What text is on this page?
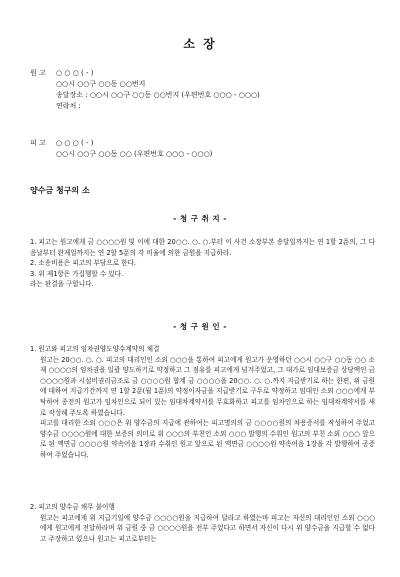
소 장
원 고	○ ○ ○ ( - )
○○시 ○○구 ○○동 ○○번지
송달장소 : ○○시 ○○구 ○○동 ○○번지 (우편번호 ○○○ - ○○○)
연락처 :
피 고	○ ○ ○ ( - )
○○시 ○○구 ○○동 ○○ (우편번호 ○○○ - ○○○)
양수금 청구의 소
- 청 구 취 지 -

1. 피고는 원고에게 금 ○○○○원 및 이에 대한 20○○. ○. ○.부터 이 사건 소장부본 송달일까지는 연 1할 2푼의, 그 다음날부터 완제일까지는 연 2할 5푼의 각 비율에 의한 금원을 지급하라.

2. 소송비용은 피고의 부담으로 한다.

3. 위 제1항은 가집행할 수 있다.

라는 판결을 구합니다.

- 청 구 원 인 -

1. 원고와 피고의 임차권양도양수계약의 체결

원고는 20○○. ○. ○. 피고의 대리인인 소외 ○○○을 통하여 피고에게 원고가 운영하던 ○○시 ○○구 ○○동 ○○ 소재 ○○○○의 임차권을 일괄 양도하기로 약정하고 그 점유를 피고에게 넘겨주었고, 그 대가로 임대보증금 상당액인 금 ○○○○원과 시설비권리금조로 금 ○○○○원 합계 금 ○○○○을 20○○. ○. ○.까지 지급받기로 하는 한편, 위 금원에 대하여 지급기간까지 연 1할 2푼(월 1푼)의 약정이자금을 지급받기로 구두로 약정하고 임대인 소외 ○○○에게 부탁하여 종전의 원고가 임차인으로 되어 있는 임대차계약서를 무효화하고 피고를 임차인으로 하는 임대차계약서를 새로 작성해 주도록 하였습니다.

피고를 대리한 소외 ○○○은 위 양수금의 지급에 관하여는 피고명의의 금 ○○○○원의 차용증서를 작성하여 주었고 양수금 ○○○○원에 대한 보증의 의미로 위 ○○○의 부친인 소외 ○○○ 발행의 수취인 원고의 부친 소외 ○○○ 앞으로 된 액면금 ○○○○원 약속어음 1장과 수취인 원고 앞으로 된 액면금 ○○○○원 약속어음 1장을 각 발행하여 공증하여 주었습니다.

2. 피고의 양수금 채무 불이행

원고는 피고에게 위 지급기일에 양수금 ○○○○원을 지급하여 달라고 하였는바 피고는 자신의 대리인인 소외 ○○○에게 원고에게 전달하라며 위 금원 중 금 ○○○○원을 전부 주었다고 하면서 자신이 다시 위 양수금을 지급할 수 없다고 주장하고 있으나 원고는 피고로부터는
